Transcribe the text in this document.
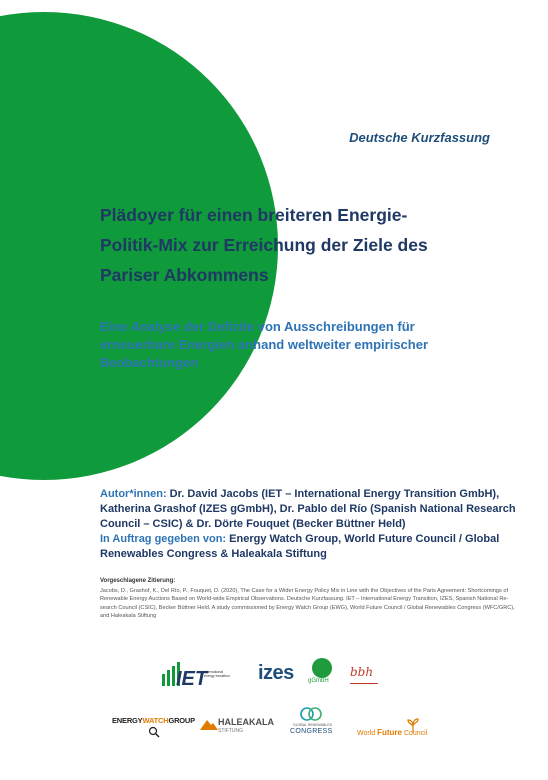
Deutsche Kurzfassung
Plädoyer für einen breiteren Energie-
Politik-Mix zur Erreichung der Ziele des
Pariser Abkommens
Eine Analyse der Defizite von Ausschreibungen für
erneuerbare Energien anhand weltweiter empirischer
Beobachtungen

Autor*innen: Dr. David Jacobs (IET – International Energy Transition GmbH), Katherina Grashof (IZES gGmbH), Dr. Pablo del Río (Spanish National Research Council – CSIC) & Dr. Dörte Fouquet (Becker Büttner Held)
In Auftrag gegeben von: Energy Watch Group, World Future Council / Global Renewables Congress & Haleakala Stiftung

Vorgeschlagene Zitierung:

Jacobs, D., Grashof, K., Del Río, P., Fouquet, D. (2020), The Case for a Wider Energy Policy Mix in Line with the Objectives of the Paris Agreement: Shortcomings of Renewable Energy Auctions Based on World-wide Empirical Observations. Deutsche Kurzfassung. IET – International Energy Transition, IZES, Spanish National Re- search Council (CSIC), Becker Büttner Held. A study commissioned by Energy Watch Group (EWG), World Future Council / Global Renewables Congress (WFC/GRC), and Haleakala Stiftung

IET
international energy transition izes gGmbH
bbh
ENERGYWATCHGROUP	HALEAKALA
STIFTUNG
GLOBAL RENEWABLES
CONGRESS	World Future Council
